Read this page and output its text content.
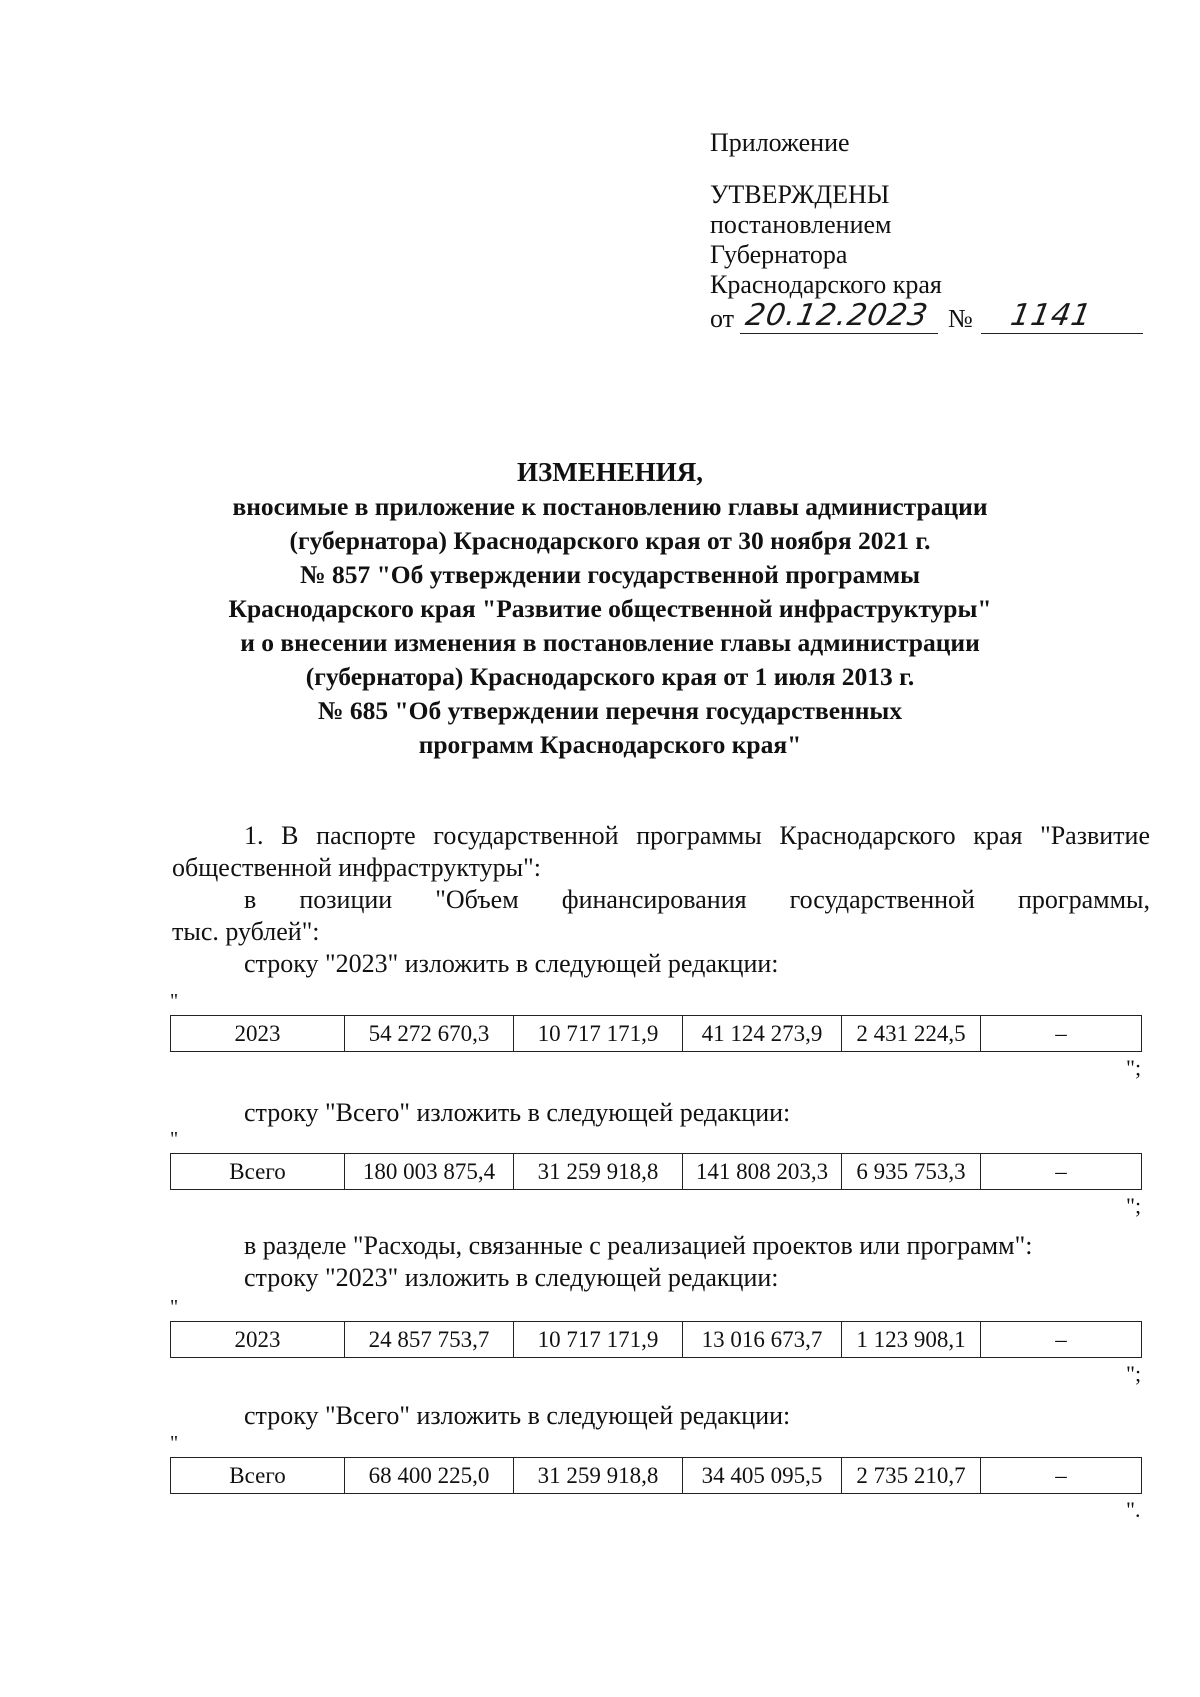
Приложение
УТВЕРЖДЕНЫ
постановлением
Губернатора
Краснодарского края
от 20.12.2023 № 1141
ИЗМЕНЕНИЯ,
вносимые в приложение к постановлению главы администрации
(губернатора) Краснодарского края от 30 ноября 2021 г.
№ 857 "Об утверждении государственной программы
Краснодарского края "Развитие общественной инфраструктуры"
и о внесении изменения в постановление главы администрации
(губернатора) Краснодарского края от 1 июля 2013 г.
№ 685 "Об утверждении перечня государственных
программ Краснодарского края"
1. В паспорте государственной программы Краснодарского края "Развитие общественной инфраструктуры":
в позиции "Объем финансирования государственной программы,
тыс. рублей":
строку "2023" изложить в следующей редакции:
"
2023	54 272 670,3	10 717 171,9	41 124 273,9	2 431 224,5	–
";
строку "Всего" изложить в следующей редакции:
"
Всего	180 003 875,4	31 259 918,8	141 808 203,3	6 935 753,3	–
";
в разделе "Расходы, связанные с реализацией проектов или программ":
строку "2023" изложить в следующей редакции:
"
2023	24 857 753,7	10 717 171,9	13 016 673,7	1 123 908,1	–
";
строку "Всего" изложить в следующей редакции:
"
Всего	68 400 225,0	31 259 918,8	34 405 095,5	2 735 210,7	–
".
